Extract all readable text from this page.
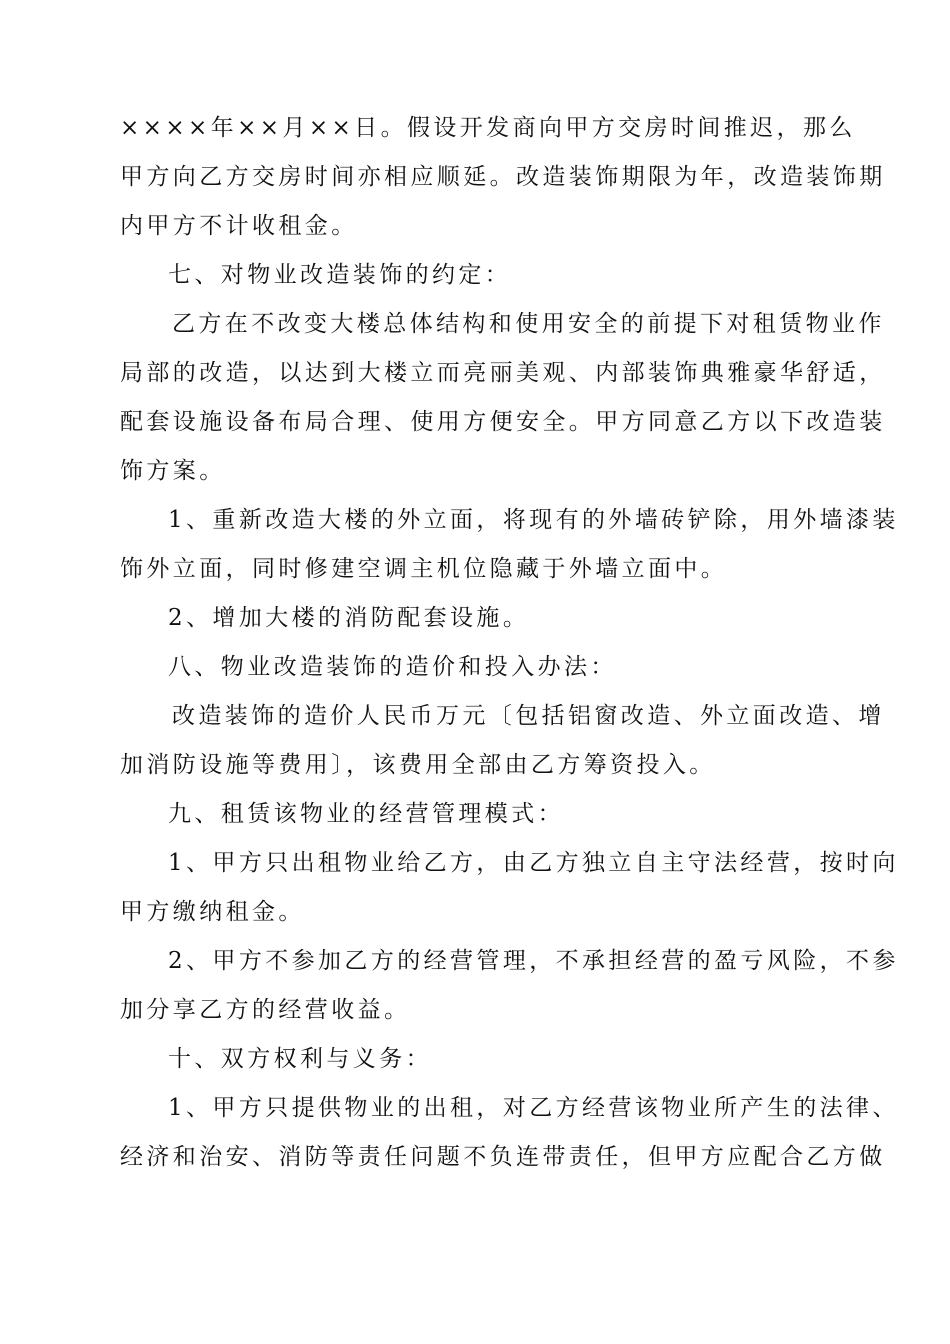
××××年××月××日。假设开发商向甲方交房时间推迟，那么
甲方向乙方交房时间亦相应顺延。改造装饰期限为年，改造装饰期
内甲方不计收租金。
七、对物业改造装饰的约定：
乙方在不改变大楼总体结构和使用安全的前提下对租赁物业作
局部的改造，以达到大楼立而亮丽美观、内部装饰典雅豪华舒适，
配套设施设备布局合理、使用方便安全。甲方同意乙方以下改造装
饰方案。
1、重新改造大楼的外立面，将现有的外墙砖铲除，用外墙漆装
饰外立面，同时修建空调主机位隐藏于外墙立面中。
2、增加大楼的消防配套设施。
八、物业改造装饰的造价和投入办法：
改造装饰的造价人民币万元〔包括铝窗改造、外立面改造、增
加消防设施等费用〕，该费用全部由乙方筹资投入。
九、租赁该物业的经营管理模式：
1、甲方只出租物业给乙方，由乙方独立自主守法经营，按时向
甲方缴纳租金。
2、甲方不参加乙方的经营管理，不承担经营的盈亏风险，不参
加分享乙方的经营收益。
十、双方权利与义务：
1、甲方只提供物业的出租，对乙方经营该物业所产生的法律、
经济和治安、消防等责任问题不负连带责任，但甲方应配合乙方做
